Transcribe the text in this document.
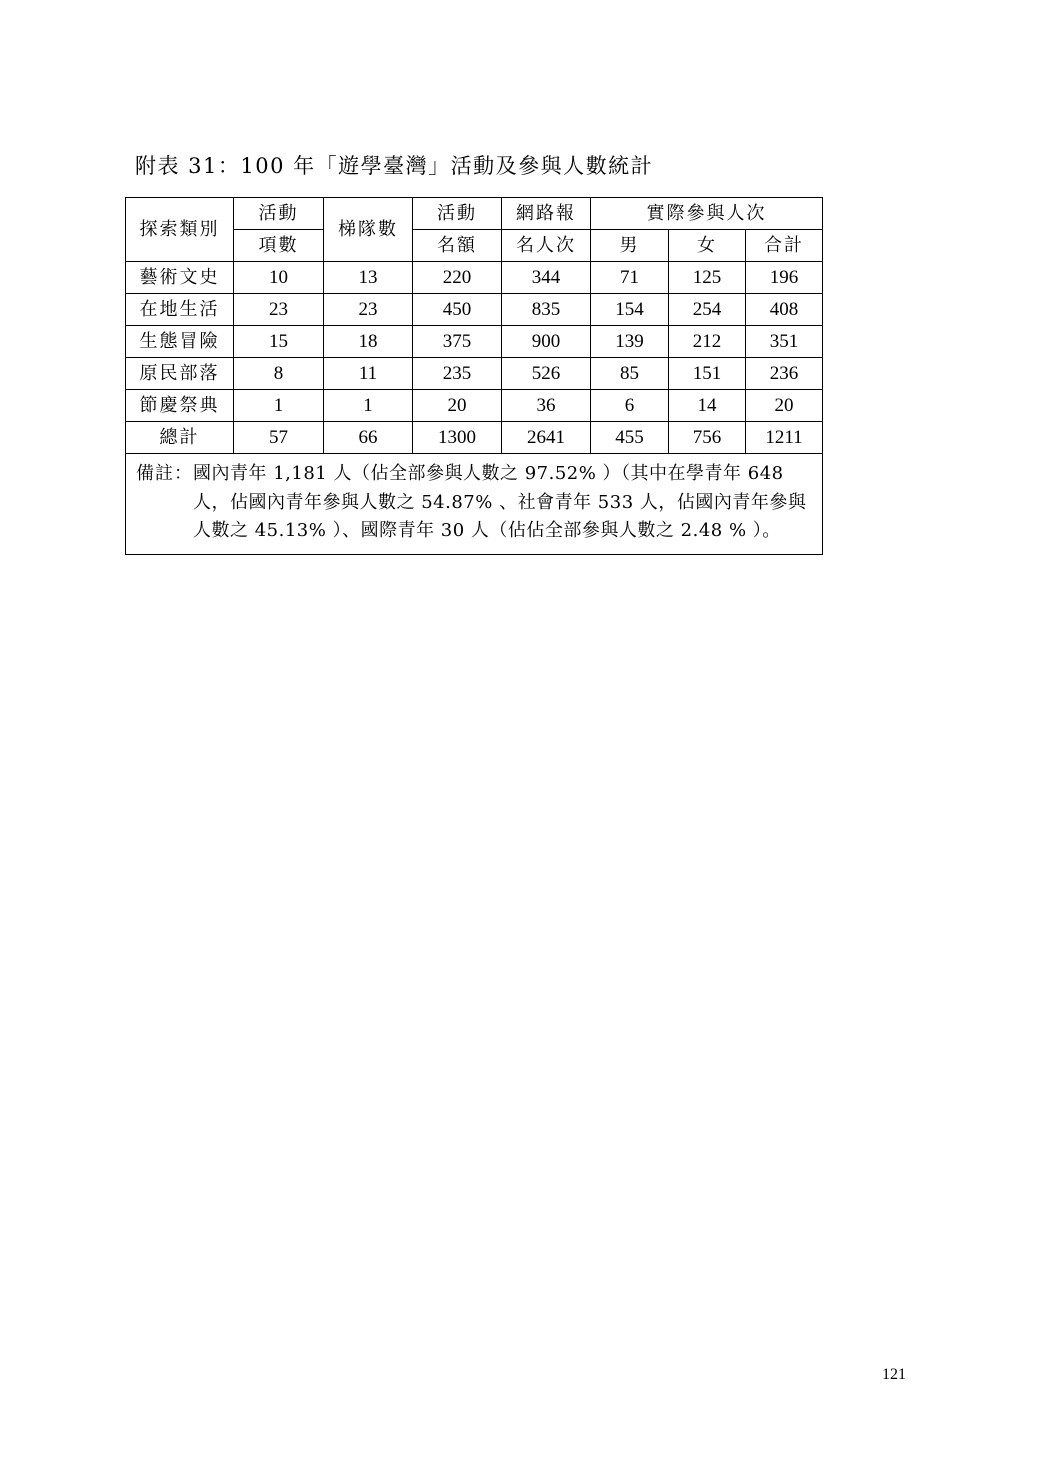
附表 31：100 年「遊學臺灣」活動及參與人數統計
探索類別	活動	梯隊數	活動	網路報	實際參與人次		
	項數		名額	名人次	男	女	合計
藝術文史	10	13	220	344	71	125	196
在地生活	23	23	450	835	154	254	408
生態冒險	15	18	375	900	139	212	351
原民部落	8	11	235	526	85	151	236
節慶祭典	1	1	20	36	6	14	20
總計	57	66	1300	2641	455	756	1211

備註： 國內青年 1,181 人（佔全部參與人數之 97.52% ）（其中在學青年 648 人，佔國內青年參與人數之 54.87% 、社會青年 533 人，佔國內青年參與人數之 45.13% ）、國際青年 30 人（佔佔全部參與人數之 2.48 % ）。							
121
